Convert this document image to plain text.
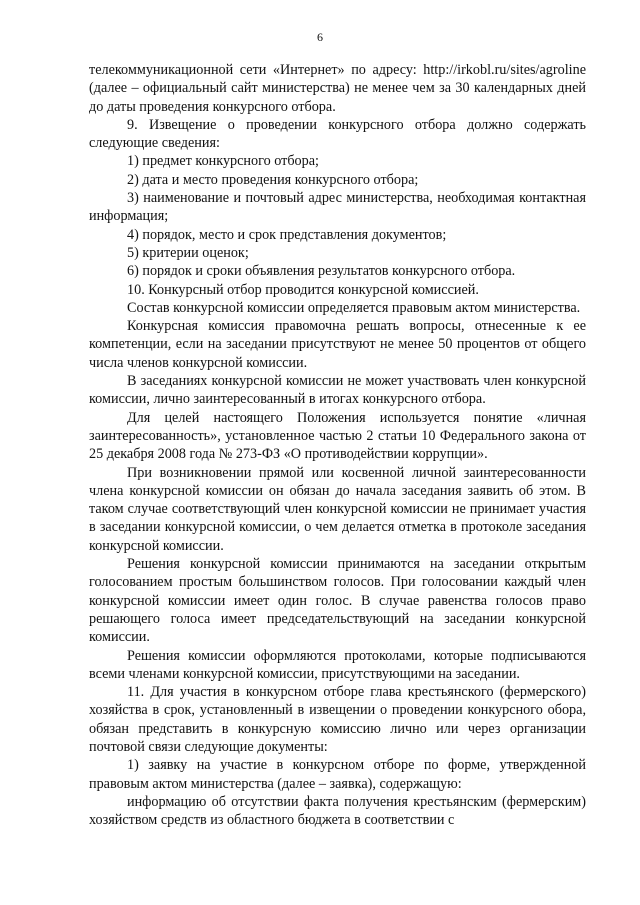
6

телекоммуникационной сети «Интернет» по адресу: http://irkobl.ru/sites/agroline (далее – официальный сайт министерства) не менее чем за 30 календарных дней до даты проведения конкурсного отбора.

9. Извещение о проведении конкурсного отбора должно содержать следующие сведения:

1) предмет конкурсного отбора;

2) дата и место проведения конкурсного отбора;

3) наименование и почтовый адрес министерства, необходимая контактная информация;

4) порядок, место и срок представления документов;

5) критерии оценок;

6) порядок и сроки объявления результатов конкурсного отбора.

10. Конкурсный отбор проводится конкурсной комиссией.

Состав конкурсной комиссии определяется правовым актом министерства.

Конкурсная комиссия правомочна решать вопросы, отнесенные к ее компетенции, если на заседании присутствуют не менее 50 процентов от общего числа членов конкурсной комиссии.

В заседаниях конкурсной комиссии не может участвовать член конкурсной комиссии, лично заинтересованный в итогах конкурсного отбора.

Для целей настоящего Положения используется понятие «личная заинтересованность», установленное частью 2 статьи 10 Федерального закона от 25 декабря 2008 года № 273-ФЗ «О противодействии коррупции».

При возникновении прямой или косвенной личной заинтересованности члена конкурсной комиссии он обязан до начала заседания заявить об этом. В таком случае соответствующий член конкурсной комиссии не принимает участия в заседании конкурсной комиссии, о чем делается отметка в протоколе заседания конкурсной комиссии.

Решения конкурсной комиссии принимаются на заседании открытым голосованием простым большинством голосов. При голосовании каждый член конкурсной комиссии имеет один голос. В случае равенства голосов право решающего голоса имеет председательствующий на заседании конкурсной комиссии.

Решения комиссии оформляются протоколами, которые подписываются всеми членами конкурсной комиссии, присутствующими на заседании.

11. Для участия в конкурсном отборе глава крестьянского (фермерского) хозяйства в срок, установленный в извещении о проведении конкурсного обора, обязан представить в конкурсную комиссию лично или через организации почтовой связи следующие документы:

1) заявку на участие в конкурсном отборе по форме, утвержденной правовым актом министерства (далее – заявка), содержащую:

информацию об отсутствии факта получения крестьянским (фермерским) хозяйством средств из областного бюджета в соответствии с
